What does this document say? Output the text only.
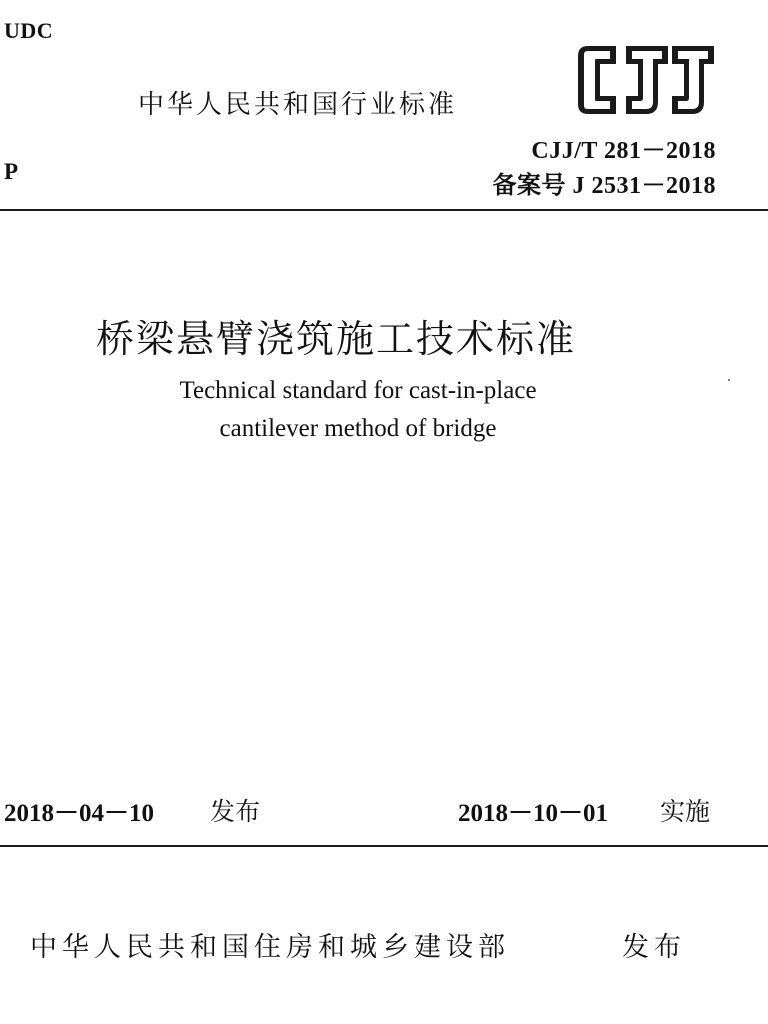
UDC
中华人民共和国行业标准
CJJ/T 281－2018
P
备案号 J 2531－2018
桥梁悬臂浇筑施工技术标准
Technical standard for cast-in-place
cantilever method of bridge
2018－04－10 发布	2018－10－01 实施
中华人民共和国住房和城乡建设部	发布
